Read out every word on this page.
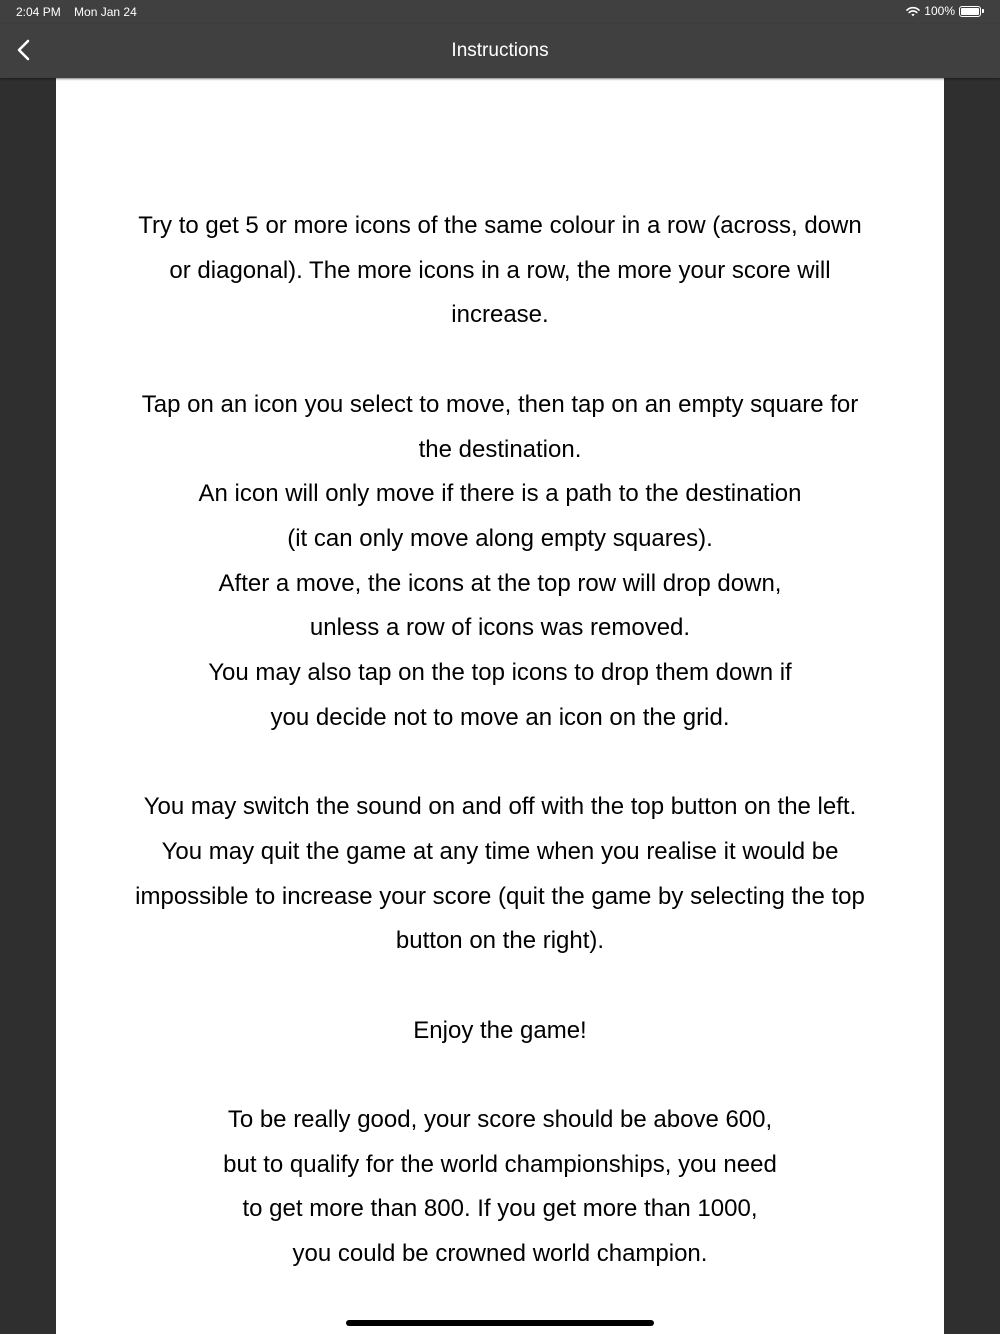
2:04 PM Mon Jan 24	100%
Instructions

Try to get 5 or more icons of the same colour in a row (across, down
or diagonal). The more icons in a row, the more your score will
increase.

Tap on an icon you select to move, then tap on an empty square for
the destination.
An icon will only move if there is a path to the destination
(it can only move along empty squares).
After a move, the icons at the top row will drop down,
unless a row of icons was removed.
You may also tap on the top icons to drop them down if
you decide not to move an icon on the grid.

You may switch the sound on and off with the top button on the left.
You may quit the game at any time when you realise it would be
impossible to increase your score (quit the game by selecting the top
button on the right).

Enjoy the game!

To be really good, your score should be above 600,
but to qualify for the world championships, you need
to get more than 800. If you get more than 1000,
you could be crowned world champion.
